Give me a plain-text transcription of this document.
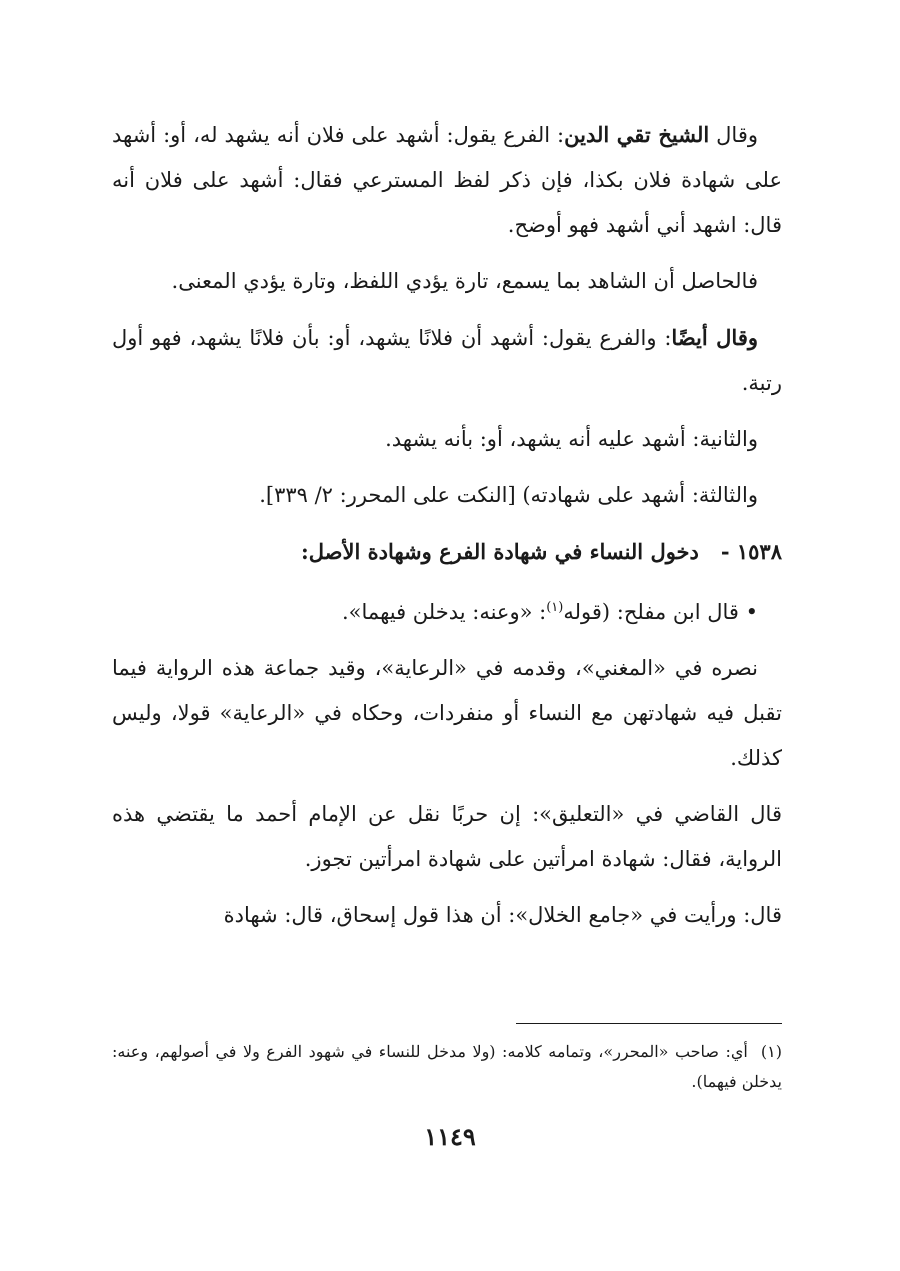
وقال الشيخ تقي الدين: الفرع يقول: أشهد على فلان أنه يشهد له، أو: أشهد على شهادة فلان بكذا، فإن ذكر لفظ المسترعي فقال: أشهد على فلان أنه قال: اشهد أني أشهد فهو أوضح.

فالحاصل أن الشاهد بما يسمع، تارة يؤدي اللفظ، وتارة يؤدي المعنى.

وقال أيضًا: والفرع يقول: أشهد أن فلانًا يشهد، أو: بأن فلانًا يشهد، فهو أول رتبة.

والثانية: أشهد عليه أنه يشهد، أو: بأنه يشهد.

والثالثة: أشهد على شهادته) [النكت على المحرر: ٢/ ٣٣٩].

١٥٣٨ -   دخول النساء في شهادة الفرع وشهادة الأصل:

• قال ابن مفلح: (قوله$^{(١)}$: «وعنه: يدخلن فيهما».

نصره في «المغني»، وقدمه في «الرعاية»، وقيد جماعة هذه الرواية فيما تقبل فيه شهادتهن مع النساء أو منفردات، وحكاه في «الرعاية» قولا، وليس كذلك.

قال القاضي في «التعليق»: إن حربًا نقل عن الإمام أحمد ما يقتضي هذه الرواية، فقال: شهادة امرأتين على شهادة امرأتين تجوز.

قال: ورأيت في «جامع الخلال»: أن هذا قول إسحاق، قال: شهادة

(١)  أي: صاحب «المحرر»، وتمامه كلامه: (ولا مدخل للنساء في شهود الفرع ولا في أصولهم، وعنه: يدخلن فيهما).
١١٤٩
